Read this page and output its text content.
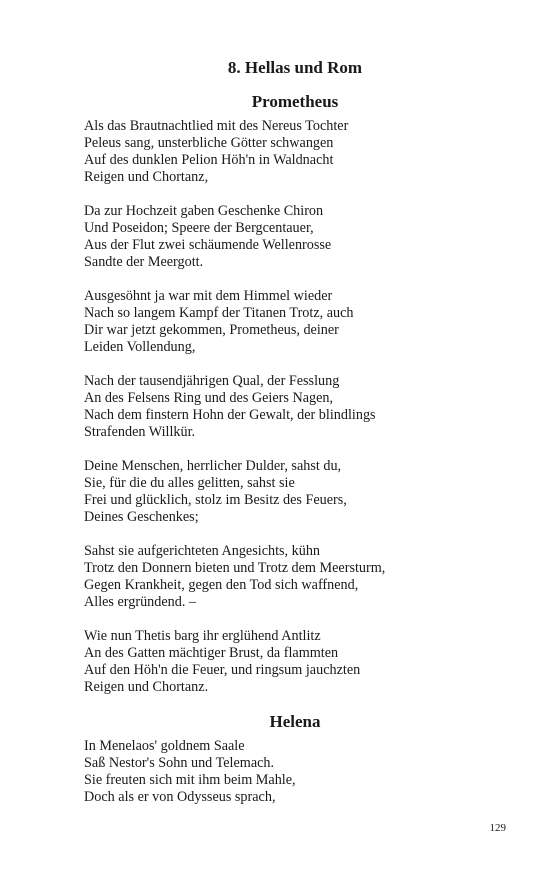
8. Hellas und Rom
Prometheus
Als das Brautnachtlied mit des Nereus Tochter
Peleus sang, unsterbliche Götter schwangen
Auf des dunklen Pelion Höh'n in Waldnacht
Reigen und Chortanz,
Da zur Hochzeit gaben Geschenke Chiron
Und Poseidon; Speere der Bergcentauer,
Aus der Flut zwei schäumende Wellenrosse
Sandte der Meergott.
Ausgesöhnt ja war mit dem Himmel wieder
Nach so langem Kampf der Titanen Trotz, auch
Dir war jetzt gekommen, Prometheus, deiner
Leiden Vollendung,
Nach der tausendjährigen Qual, der Fesslung
An des Felsens Ring und des Geiers Nagen,
Nach dem finstern Hohn der Gewalt, der blindlings
Strafenden Willkür.
Deine Menschen, herrlicher Dulder, sahst du,
Sie, für die du alles gelitten, sahst sie
Frei und glücklich, stolz im Besitz des Feuers,
Deines Geschenkes;
Sahst sie aufgerichteten Angesichts, kühn
Trotz den Donnern bieten und Trotz dem Meersturm,
Gegen Krankheit, gegen den Tod sich waffnend,
Alles ergründend. –
Wie nun Thetis barg ihr erglühend Antlitz
An des Gatten mächtiger Brust, da flammten
Auf den Höh'n die Feuer, und ringsum jauchzten
Reigen und Chortanz.
Helena
In Menelaos' goldnem Saale
Saß Nestor's Sohn und Telemach.
Sie freuten sich mit ihm beim Mahle,
Doch als er von Odysseus sprach,
129
